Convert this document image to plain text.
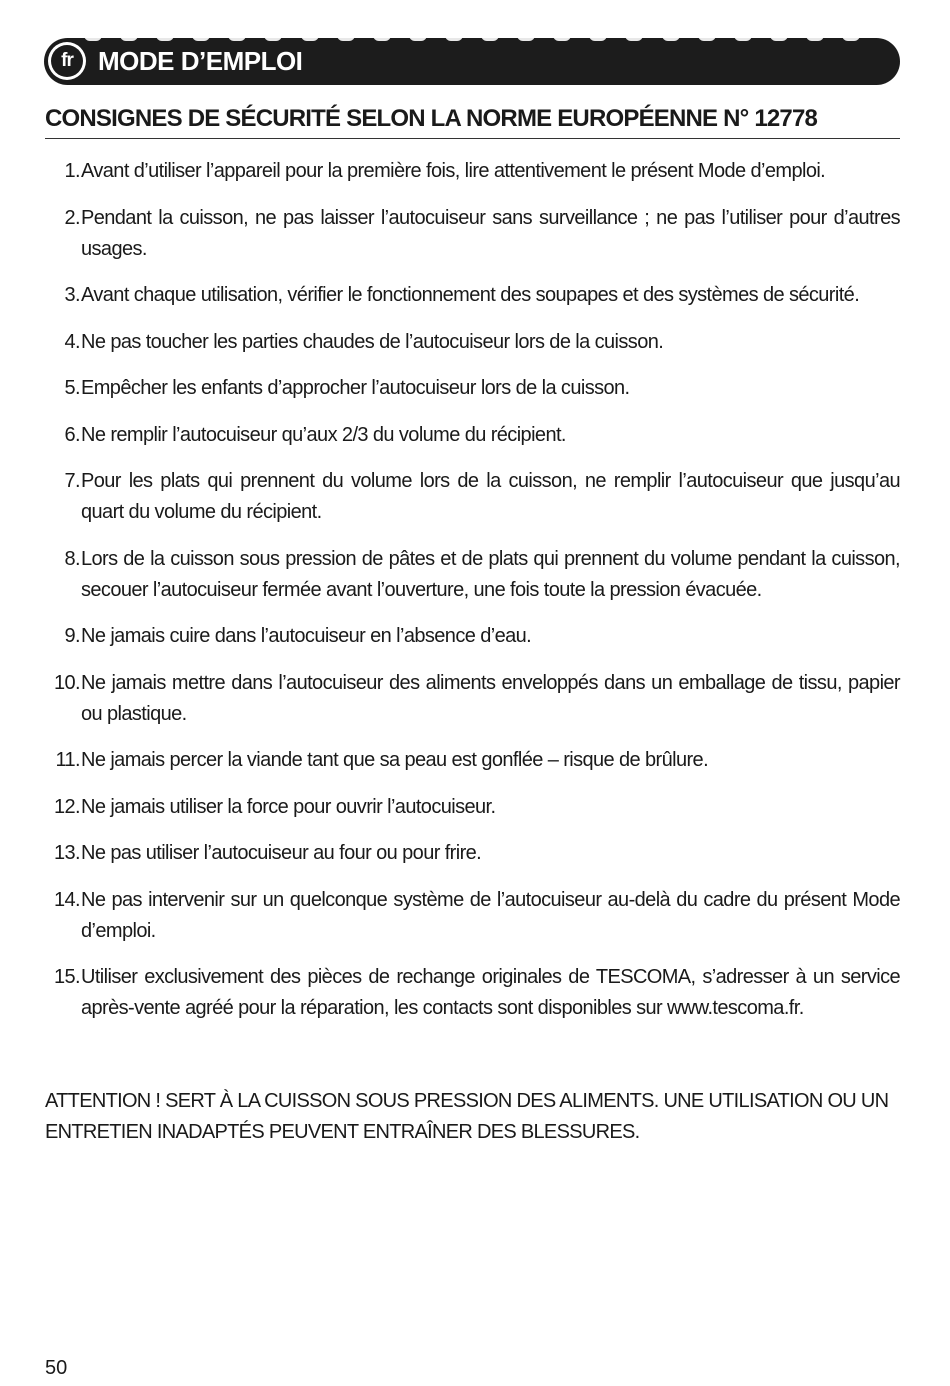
fr MODE D’EMPLOI
CONSIGNES DE SÉCURITÉ SELON LA NORME EUROPÉENNE N° 12778
1. Avant d’utiliser l’appareil pour la première fois, lire attentivement le présent Mode d’emploi.
2. Pendant la cuisson, ne pas laisser l’autocuiseur sans surveillance ; ne pas l’utiliser pour d’autres usages.
3. Avant chaque utilisation, vérifier le fonctionnement des soupapes et des systèmes de sécurité.
4. Ne pas toucher les parties chaudes de l’autocuiseur lors de la cuisson.
5. Empêcher les enfants d’approcher l’autocuiseur lors de la cuisson.
6. Ne remplir l’autocuiseur qu’aux 2/3 du volume du récipient.
7. Pour les plats qui prennent du volume lors de la cuisson, ne remplir l’autocuiseur que jusqu’au quart du volume du récipient.
8. Lors de la cuisson sous pression de pâtes et de plats qui prennent du volume pendant la cuisson, secouer l’autocuiseur fermée avant l’ouverture, une fois toute la pression évacuée.
9. Ne jamais cuire dans l’autocuiseur en l’absence d’eau.
10. Ne jamais mettre dans l’autocuiseur des aliments enveloppés dans un emballage de tissu, papier ou plastique.
11. Ne jamais percer la viande tant que sa peau est gonflée – risque de brûlure.
12. Ne jamais utiliser la force pour ouvrir l’autocuiseur.
13. Ne pas utiliser l’autocuiseur au four ou pour frire.
14. Ne pas intervenir sur un quelconque système de l’autocuiseur au-delà du cadre du présent Mode d’emploi.
15. Utiliser exclusivement des pièces de rechange originales de TESCOMA, s’adresser à un service après-vente agréé pour la réparation, les contacts sont disponibles sur www.tescoma.fr.
ATTENTION ! SERT À LA CUISSON SOUS PRESSION DES ALIMENTS. UNE UTILISATION OU UN ENTRETIEN INADAPTÉS PEUVENT ENTRAÎNER DES BLESSURES.
50
